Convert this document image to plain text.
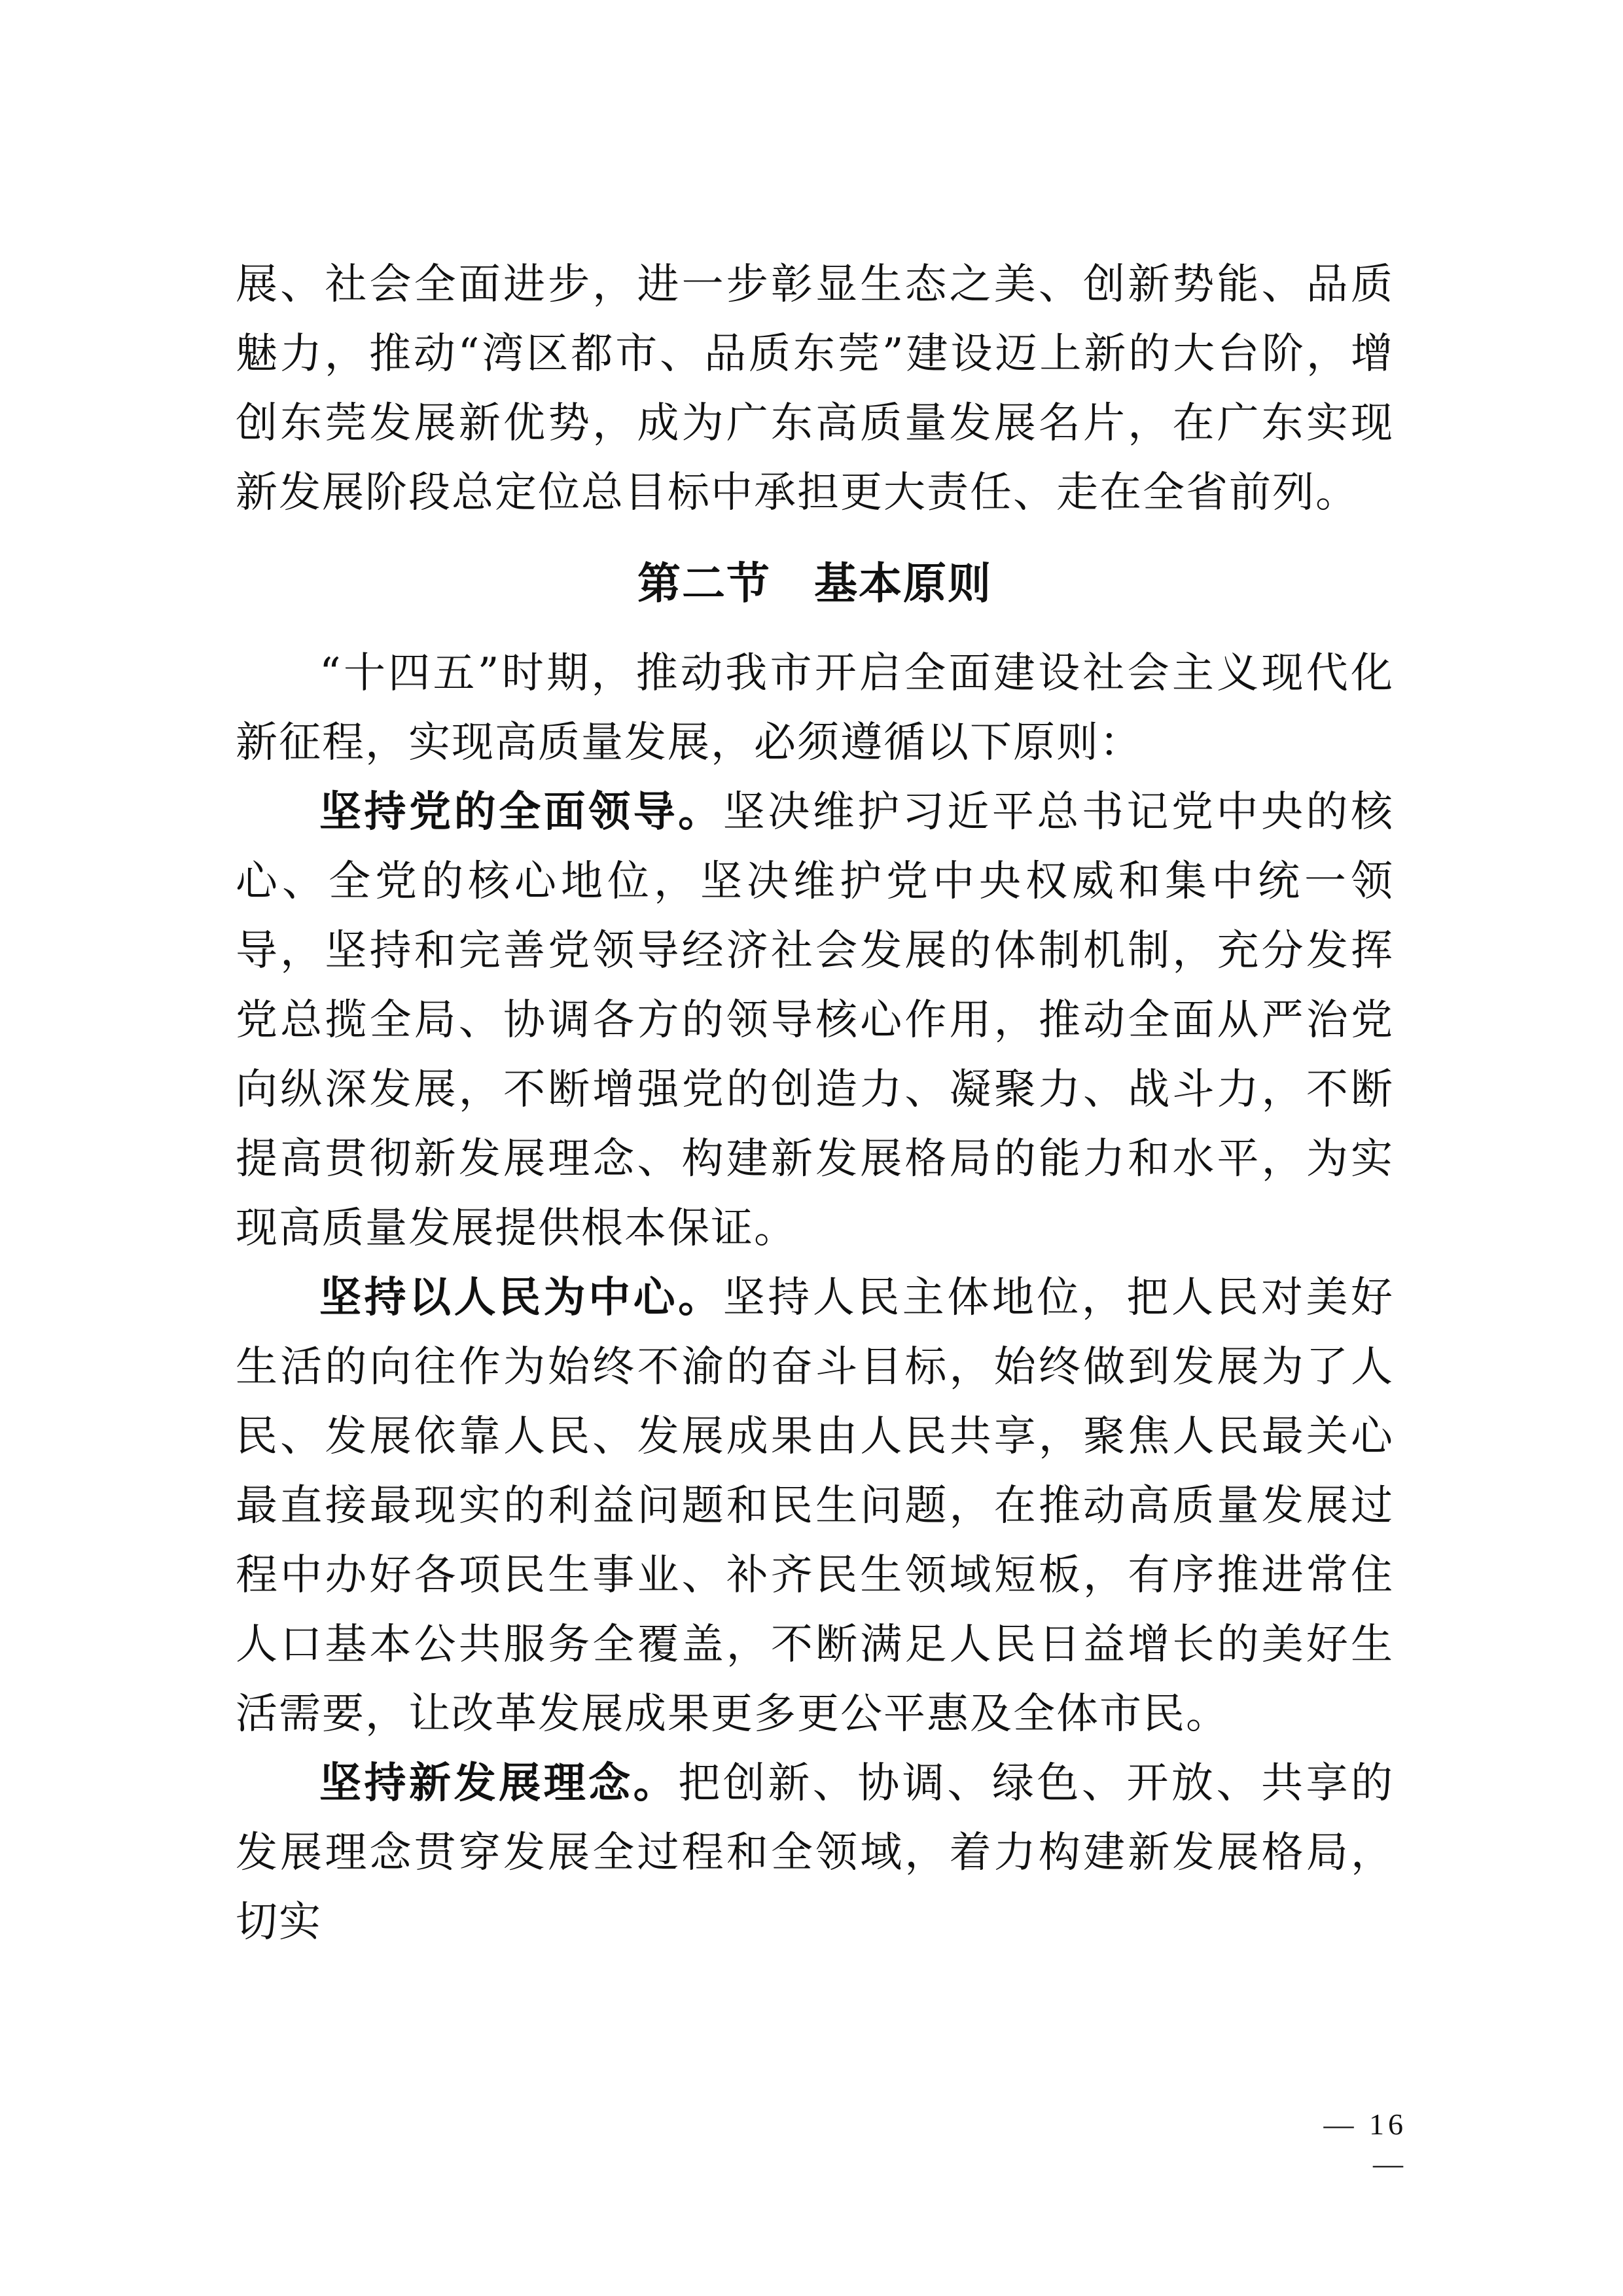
展、社会全面进步，进一步彰显生态之美、创新势能、品质魅力，推动“湾区都市、品质东莞”建设迈上新的大台阶，增创东莞发展新优势，成为广东高质量发展名片，在广东实现新发展阶段总定位总目标中承担更大责任、走在全省前列。

第二节 基本原则

“十四五”时期，推动我市开启全面建设社会主义现代化新征程，实现高质量发展，必须遵循以下原则：

坚持党的全面领导。坚决维护习近平总书记党中央的核心、全党的核心地位，坚决维护党中央权威和集中统一领导，坚持和完善党领导经济社会发展的体制机制，充分发挥党总揽全局、协调各方的领导核心作用，推动全面从严治党向纵深发展，不断增强党的创造力、凝聚力、战斗力，不断提高贯彻新发展理念、构建新发展格局的能力和水平，为实现高质量发展提供根本保证。

坚持以人民为中心。坚持人民主体地位，把人民对美好生活的向往作为始终不渝的奋斗目标，始终做到发展为了人民、发展依靠人民、发展成果由人民共享，聚焦人民最关心最直接最现实的利益问题和民生问题，在推动高质量发展过程中办好各项民生事业、补齐民生领域短板，有序推进常住人口基本公共服务全覆盖，不断满足人民日益增长的美好生活需要，让改革发展成果更多更公平惠及全体市民。

坚持新发展理念。把创新、协调、绿色、开放、共享的发展理念贯穿发展全过程和全领域，着力构建新发展格局，切实

— 16 —
